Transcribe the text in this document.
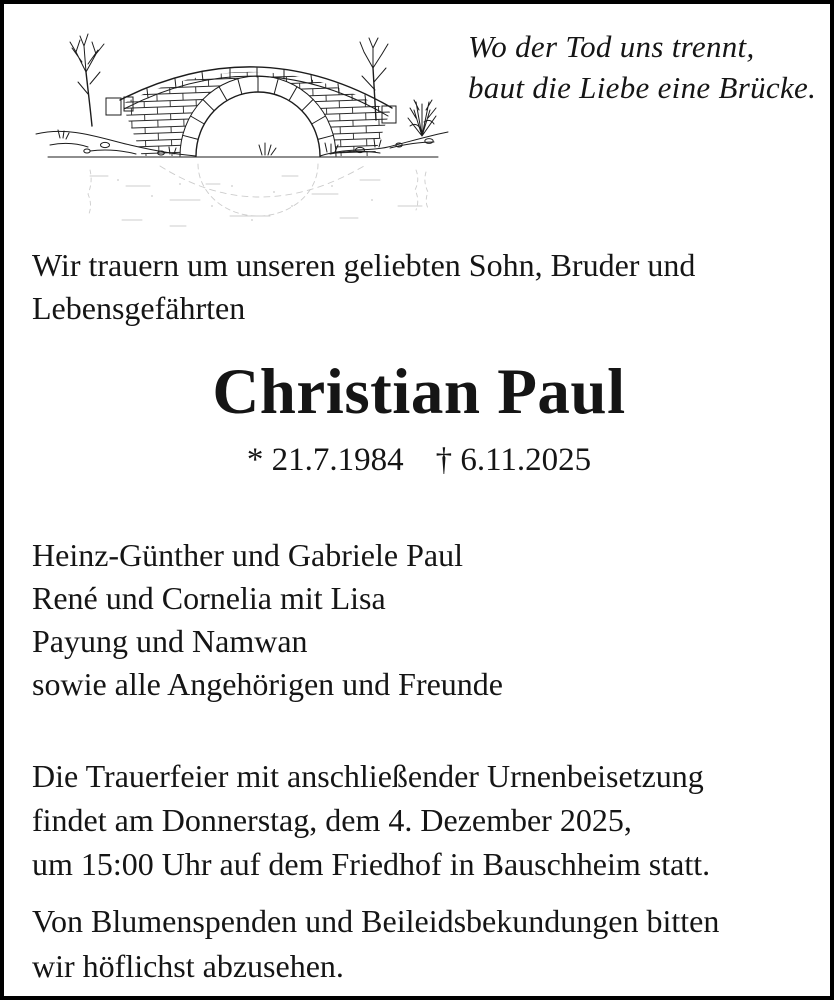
Wo der Tod uns trennt,
baut die Liebe eine Brücke.
Wir trauern um unseren geliebten Sohn, Bruder und
Lebensgefährten
Christian Paul
* 21.7.1984 † 6.11.2025
Heinz-Günther und Gabriele Paul
René und Cornelia mit Lisa
Payung und Namwan
sowie alle Angehörigen und Freunde
Die Trauerfeier mit anschließender Urnenbeisetzung
findet am Donnerstag, dem 4. Dezember 2025,
um 15:00 Uhr auf dem Friedhof in Bauschheim statt.
Von Blumenspenden und Beileidsbekundungen bitten
wir höflichst abzusehen.
